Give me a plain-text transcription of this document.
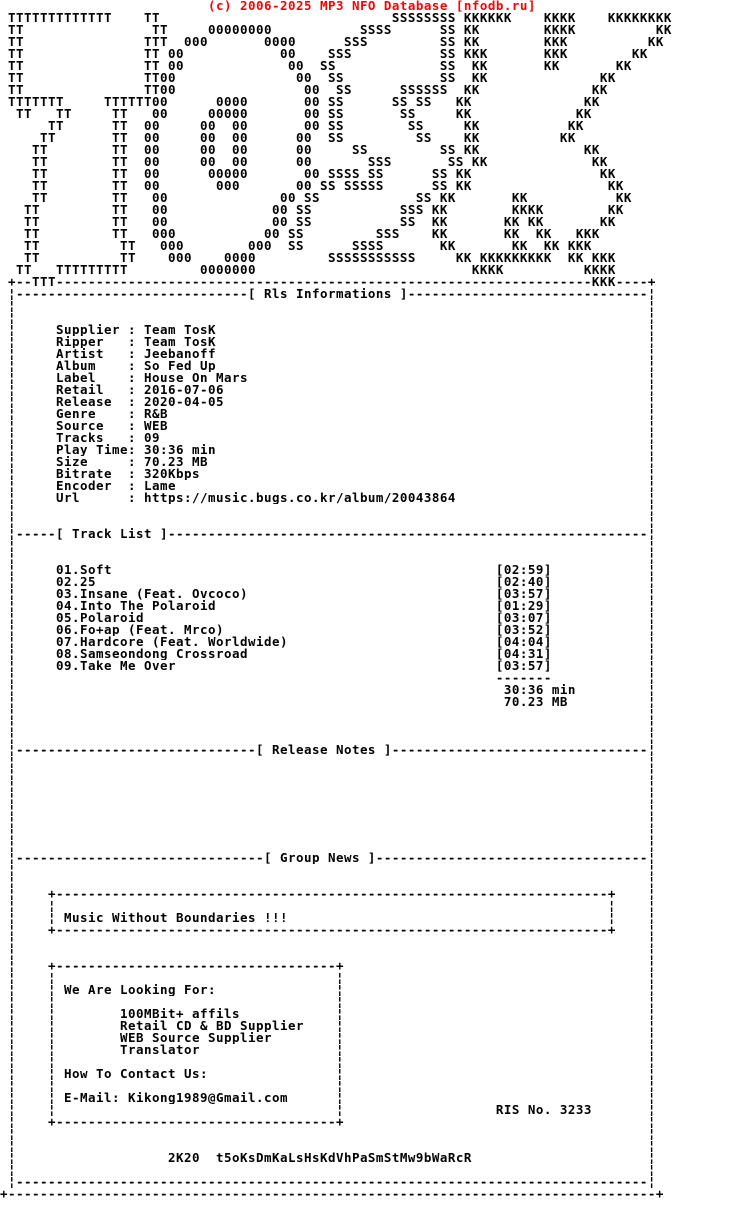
(c) 2006-2025 MP3 NFO Database [nfodb.ru]
TTTTTTTTTTTTT    TT                             SSSSSSSS KKKKKK    KKKK    KKKKKKKK
TT                TT     00000000           SSSS      SS KK        KKKK          KK
TT               TTT  000       0000      SSS         SS KK        KKK          KK
TT               TT 00            00    SSS           SS KKK       KKK        KK
TT               TT 00             00  SS             SS  KK       KK       KK
TT               TT00               00  SS            SS  KK              KK
TT               TT00                00  SS      SSSSSS  KK              KK
TTTTTTT     TTTTTT00      0000       00 SS      SS SS   KK              KK
TT   TT     TT   00     00000       00 SS       SS     KK             KK
TT      TT  00     00  00       00 SS        SS     KK           KK
TT       TT  00     00  00      00  SS         SS    KK          KK
TT        TT  00     00  00      00     SS         SS KK             KK
TT        TT  00     00  00      00       SSS       SS KK             KK
TT        TT  00      00000       00 SSSS SS      SS KK                KK
TT        TT  00       000       00 SS SSSSS      SS KK                 KK
TT        TT   00              00 SS            SS KK       KK           KK
TT         TT   00             00 SS           SSS KK        KKKK        KK
TT         TT   00             00 SS           SS  KK       KK KK       KK
TT         TT   000           00 SS         SSS    KK       KK  KK   KKK
TT          TT   000        000  SS      SSSS       KK       KK  KK KKK
TT          TT    000    0000         SSSSSSSSSSS     KK KKKKKKKKK  KK KKK
TT   TTTTTTTTT         0000000                           KKKK          KKKK
+--TTT-------------------------------------------------------------------KKK----+
¦-----------------------------[ Rls Informations ]------------------------------¦
¦                                                                               ¦
¦                                                                               ¦
¦     Supplier : Team TosK                                                      ¦
¦     Ripper   : Team TosK                                                      ¦
¦     Artist   : Jeebanoff                                                      ¦
¦     Album    : So Fed Up                                                      ¦
¦     Label    : House On Mars                                                  ¦
¦     Retail   : 2016-07-06                                                     ¦
¦     Release  : 2020-04-05                                                     ¦
¦     Genre    : R&B                                                            ¦
¦     Source   : WEB                                                            ¦
¦     Tracks   : 09                                                             ¦
¦     Play Time: 30:36 min                                                      ¦
¦     Size     : 70.23 MB                                                       ¦
¦     Bitrate  : 320Kbps                                                        ¦
¦     Encoder  : Lame                                                           ¦
¦     Url      : https://music.bugs.co.kr/album/20043864                        ¦
¦                                                                               ¦
¦                                                                               ¦
¦-----[ Track List ]------------------------------------------------------------¦
¦                                                                               ¦
¦                                                                               ¦
¦     01.Soft                                                [02:59]            ¦
¦     02.25                                                  [02:40]            ¦
¦     03.Insane (Feat. Ovcoco)                               [03:57]            ¦
¦     04.Into The Polaroid                                   [01:29]            ¦
¦     05.Polaroid                                            [03:07]            ¦
¦     06.Fo+ap (Feat. Mrco)                                  [03:52]            ¦
¦     07.Hardcore (Feat. Worldwide)                          [04:04]            ¦
¦     08.Samseondong Crossroad                               [04:31]            ¦
¦     09.Take Me Over                                        [03:57]            ¦
¦                                                            -------            ¦
¦                                                             30:36 min         ¦
¦                                                             70.23 MB          ¦
¦                                                                               ¦
¦                                                                               ¦
¦                                                                               ¦
¦------------------------------[ Release Notes ]--------------------------------¦
¦                                                                               ¦
¦                                                                               ¦
¦                                                                               ¦
¦                                                                               ¦
¦                                                                               ¦
¦                                                                               ¦
¦                                                                               ¦
¦                                                                               ¦
¦-------------------------------[ Group News ]----------------------------------¦
¦                                                                               ¦
¦                                                                               ¦
¦    +---------------------------------------------------------------------+    ¦
¦    ¦                                                                     ¦    ¦
¦    ¦ Music Without Boundaries !!!                                        ¦    ¦
¦    +---------------------------------------------------------------------+    ¦
¦                                                                               ¦
¦                                                                               ¦
¦    +-----------------------------------+                                      ¦
¦    ¦                                   ¦                                      ¦
¦    ¦ We Are Looking For:               ¦                                      ¦
¦    ¦                                   ¦                                      ¦
¦    ¦        100MBit+ affils            ¦                                      ¦
¦    ¦        Retail CD & BD Supplier    ¦                                      ¦
¦    ¦        WEB Source Supplier        ¦                                      ¦
¦    ¦        Translator                 ¦                                      ¦
¦    ¦                                   ¦                                      ¦
¦    ¦ How To Contact Us:                ¦                                      ¦
¦    ¦                                   ¦                                      ¦
¦    ¦ E-Mail: Kikong1989@Gmail.com      ¦                                      ¦
¦    ¦                                   ¦                   RIS No. 3233       ¦
¦    +-----------------------------------+                                      ¦
¦                                                                               ¦
¦                                                                               ¦
¦                   2K20  t5oKsDmKaLsHsKdVhPaSmStMw9bWaRcR                      ¦
¦                                                                               ¦
¦-------------------------------------------------------------------------------¦
+---------------------------------------------------------------------------------+
